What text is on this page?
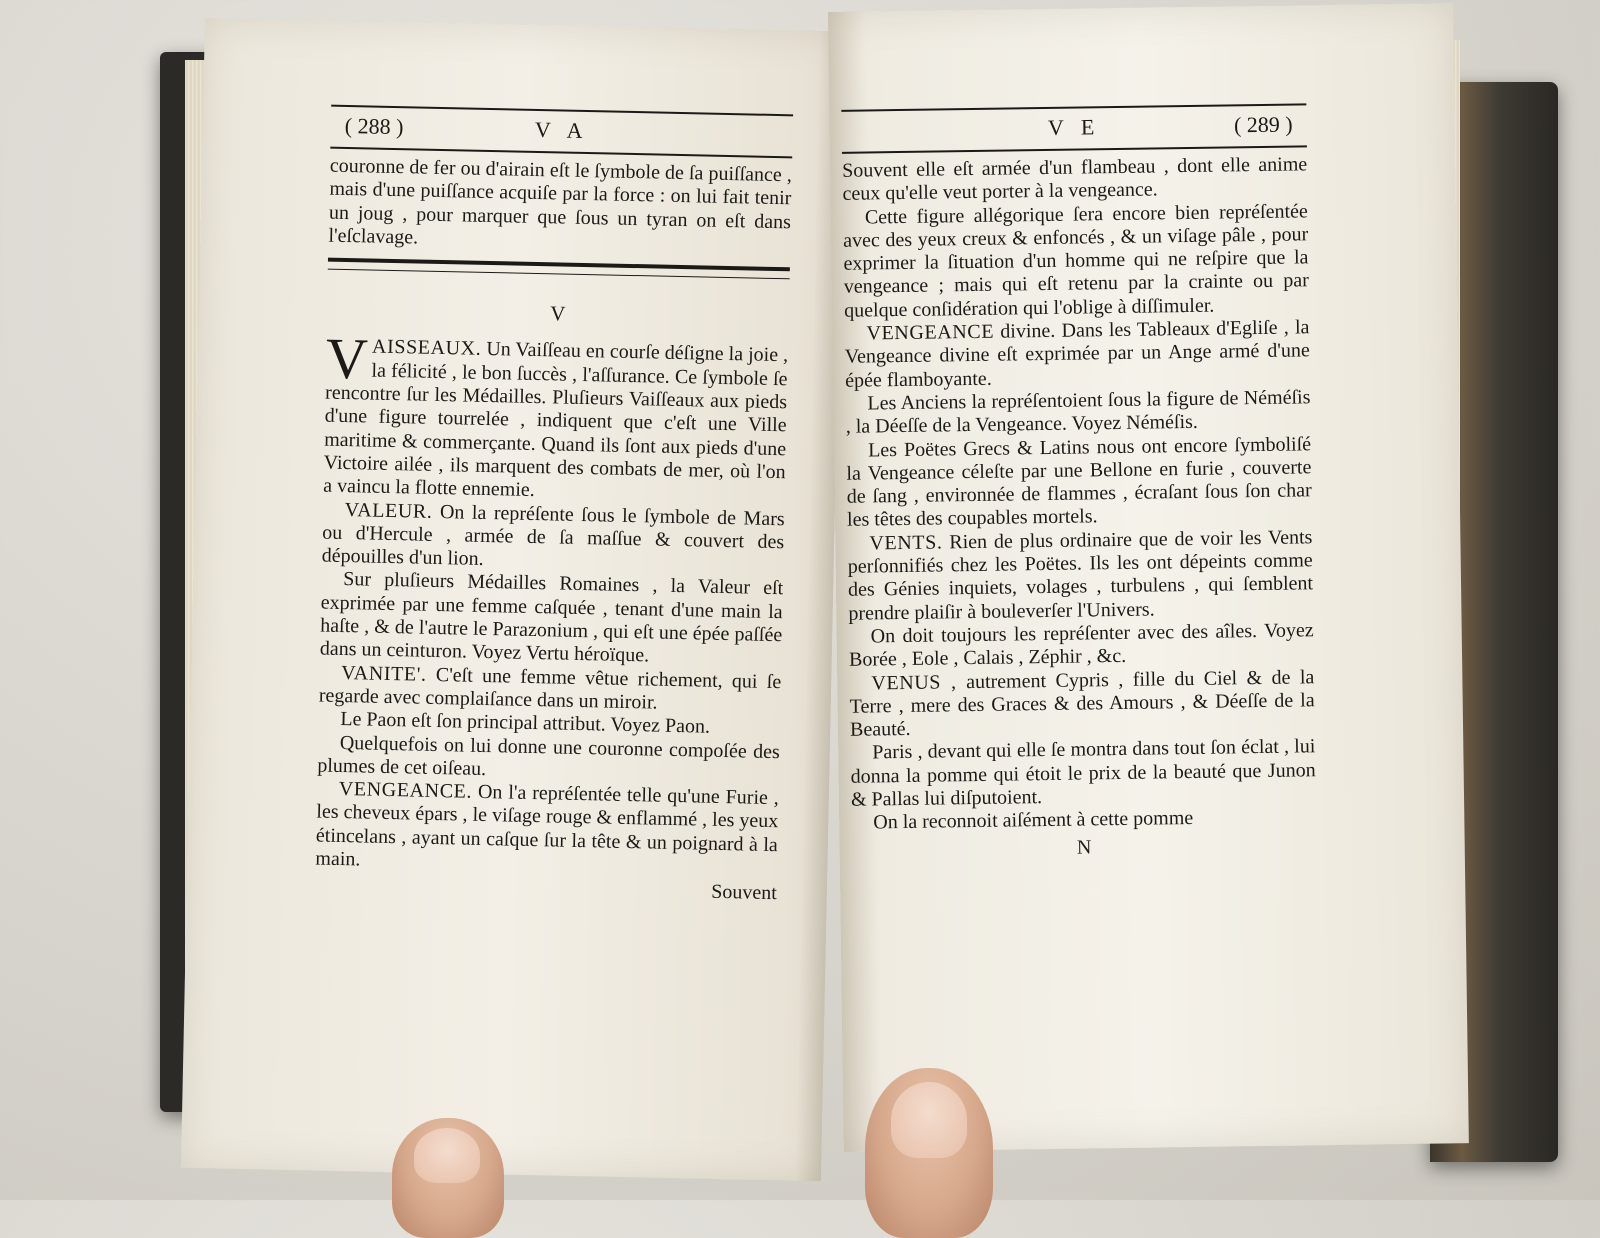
( 288 )	V A

couronne de fer ou d'airain eſt le ſymbole de ſa puiſſance , mais d'une puiſſance acquiſe par la force : on lui fait tenir un joug , pour marquer que ſous un tyran on eſt dans l'eſclavage.

V

VAISSEAUX. Un Vaiſſeau en courſe déſigne la joie , la félicité , le bon ſuccès , l'aſſurance. Ce ſymbole ſe rencontre ſur les Médailles. Pluſieurs Vaiſſeaux aux pieds d'une figure tourrelée , indiquent que c'eſt une Ville maritime & commerçante. Quand ils ſont aux pieds d'une Victoire ailée , ils marquent des combats de mer, où l'on a vaincu la flotte ennemie.

VALEUR. On la repréſente ſous le ſymbole de Mars ou d'Hercule , armée de ſa maſſue & couvert des dépouilles d'un lion.

Sur pluſieurs Médailles Romaines , la Valeur eſt exprimée par une femme caſquée , tenant d'une main la haſte , & de l'autre le Parazonium , qui eſt une épée paſſée dans un ceinturon. Voyez Vertu héroïque.

VANITE'. C'eſt une femme vêtue richement, qui ſe regarde avec complaiſance dans un miroir.

Le Paon eſt ſon principal attribut. Voyez Paon.

Quelquefois on lui donne une couronne compoſée des plumes de cet oiſeau.

VENGEANCE. On l'a repréſentée telle qu'une Furie , les cheveux épars , le viſage rouge & enflammé , les yeux étincelans , ayant un caſque ſur la tête & un poignard à la main.

Souvent
V E	( 289 )

Souvent elle eſt armée d'un flambeau , dont elle anime ceux qu'elle veut porter à la vengeance.

Cette figure allégorique ſera encore bien repréſentée avec des yeux creux & enfoncés , & un viſage pâle , pour exprimer la ſituation d'un homme qui ne reſpire que la vengeance ; mais qui eſt retenu par la crainte ou par quelque conſidération qui l'oblige à diſſimuler.

VENGEANCE divine. Dans les Tableaux d'Egliſe , la Vengeance divine eſt exprimée par un Ange armé d'une épée flamboyante.

Les Anciens la repréſentoient ſous la figure de Néméſis , la Déeſſe de la Vengeance. Voyez Néméſis.

Les Poëtes Grecs & Latins nous ont encore ſymboliſé la Vengeance céleſte par une Bellone en furie , couverte de ſang , environnée de flammes , écraſant ſous ſon char les têtes des coupables mortels.

VENTS. Rien de plus ordinaire que de voir les Vents perſonnifiés chez les Poëtes. Ils les ont dépeints comme des Génies inquiets, volages , turbulens , qui ſemblent prendre plaiſir à bouleverſer l'Univers.

On doit toujours les repréſenter avec des aîles. Voyez Borée , Eole , Calais , Zéphir , &c.

VENUS , autrement Cypris , fille du Ciel & de la Terre , mere des Graces & des Amours , & Déeſſe de la Beauté.

Paris , devant qui elle ſe montra dans tout ſon éclat , lui donna la pomme qui étoit le prix de la beauté que Junon & Pallas lui diſputoient.

On la reconnoit aiſément à cette pomme

N
